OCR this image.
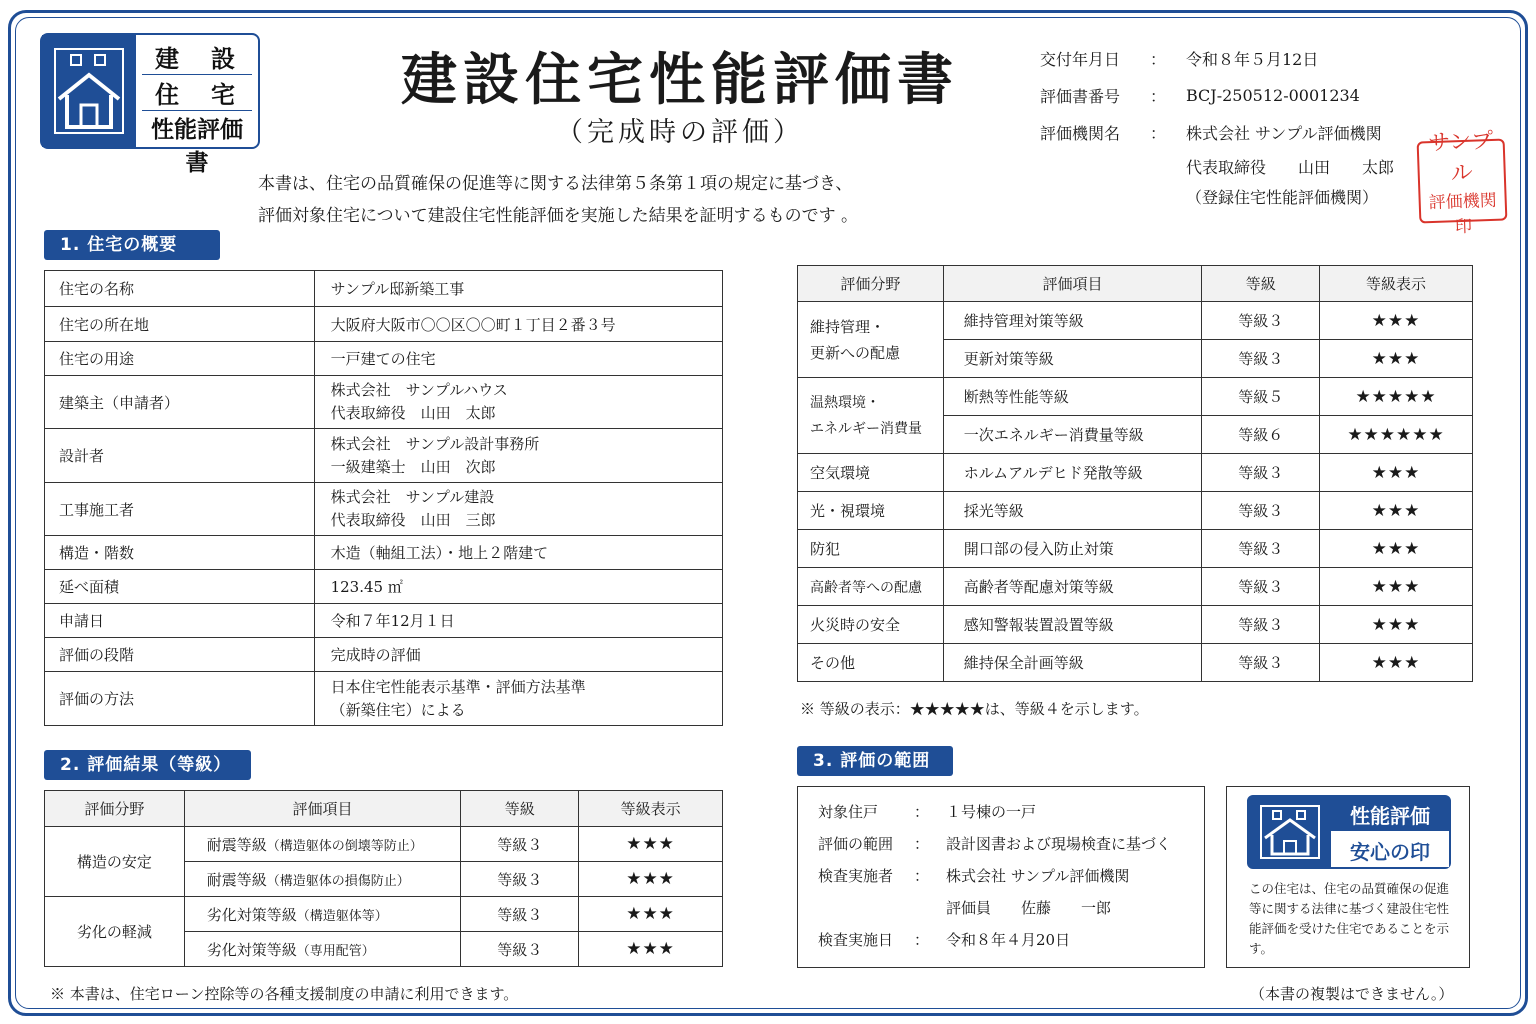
建　設
住　宅
性能評価書
建設住宅性能評価書
（完成時の評価）
本書は、住宅の品質確保の促進等に関する法律第５条第１項の規定に基づき、
評価対象住宅について建設住宅性能評価を実施した結果を証明するものです 。
交付年月日	：	令和８年５月12日
評価書番号	：	BCJ-250512-0001234
評価機関名	：	株式会社 サンプル評価機関
代表取締役　　山田　　太郎
（登録住宅性能評価機関）
サンプル
評価機関印
1. 住宅の概要
住宅の名称	サンプル邸新築工事
住宅の所在地	大阪府大阪市〇〇区〇〇町１丁目２番３号
住宅の用途	一戸建ての住宅
建築主（申請者）	株式会社　サンプルハウス
代表取締役　山田　太郎

設計者	株式会社　サンプル設計事務所
一級建築士　山田　次郎

工事施工者	株式会社　サンプル建設
代表取締役　山田　三郎

構造・階数	木造（軸組工法）・地上２階建て
延べ面積	123.45 ㎡
申請日	令和７年12月１日
評価の段階	完成時の評価
評価の方法	日本住宅性能表示基準・評価方法基準
（新築住宅）による
2. 評価結果（等級）
評価分野	評価項目	等級	等級表示
構造の安定	耐震等級（構造躯体の倒壊等防止）	等級３	★★★
	耐震等級（構造躯体の損傷防止）	等級３	★★★
劣化の軽減	劣化対策等級（構造躯体等）	等級３	★★★
	劣化対策等級（専用配管）	等級３	★★★
※ 本書は、住宅ローン控除等の各種支援制度の申請に利用できます。
評価分野	評価項目	等級	等級表示

維持管理・
更新への配慮	維持管理対策等級	等級３	★★★
	更新対策等級	等級３	★★★

温熱環境・
エネルギー消費量	断熱等性能等級	等級５	★★★★★
	一次エネルギー消費量等級	等級６	★★★★★★
空気環境	ホルムアルデヒド発散等級	等級３	★★★
光・視環境	採光等級	等級３	★★★
防犯	開口部の侵入防止対策	等級３	★★★
高齢者等への配慮	高齢者等配慮対策等級	等級３	★★★
火災時の安全	感知警報装置設置等級	等級３	★★★
その他	維持保全計画等級	等級３	★★★
※ 等級の表示：★★★★★は、等級４を示します。
3. 評価の範囲
対象住戸	：	１号棟の一戸
評価の範囲	：	設計図書および現場検査に基づく
検査実施者	：	株式会社 サンプル評価機関
評価員　　佐藤　　一郎
検査実施日	：	令和８年４月20日
性能評価
安心の印
この住宅は、住宅の品質確保の促進等に関する法律に基づく建設住宅性能評価を受けた住宅であることを示す。
（本書の複製はできません。）
